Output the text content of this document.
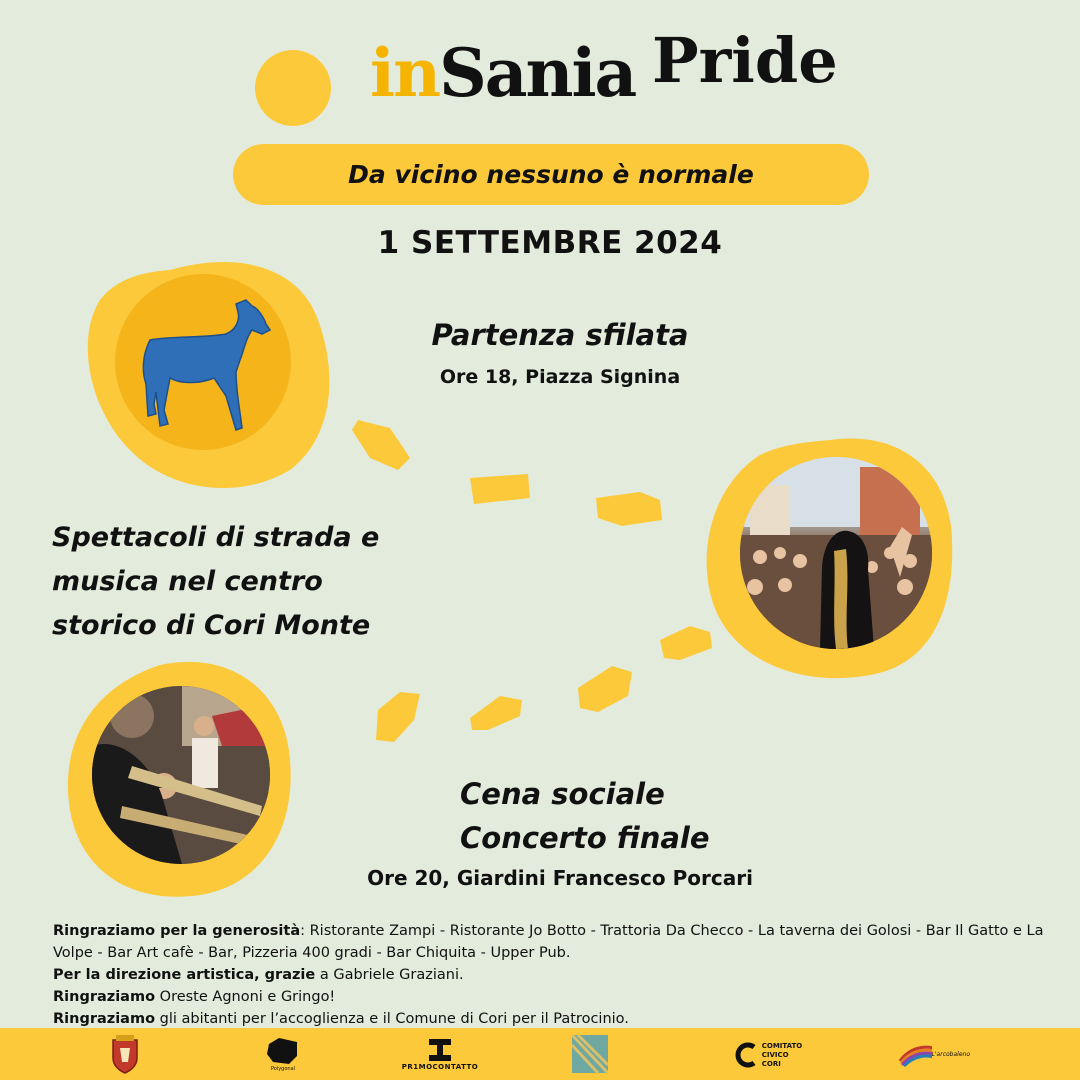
inSania Pride
Da vicino nessuno è normale
1 SETTEMBRE 2024
Partenza sfilata
Ore 18, Piazza Signina
Spettacoli di strada e
musica nel centro
storico di Cori Monte
Cena sociale
Concerto finale
Ore 20, Giardini Francesco Porcari

Ringraziamo per la generosità: Ristorante Zampi - Ristorante Jo Botto - Trattoria Da Checco - La taverna dei Golosi - Bar Il Gatto e La Volpe - Bar Art cafè - Bar, Pizzeria 400 gradi - Bar Chiquita - Upper Pub.

Per la direzione artistica, grazie a Gabriele Graziani.

Ringraziamo Oreste Agnoni e Gringo!

Ringraziamo gli abitanti per l’accoglienza e il Comune di Cori per il Patrocinio.

Polygonal	PR1MOCONTATTO
COMITATO
CIVICO
CORI
L'arcobaleno
